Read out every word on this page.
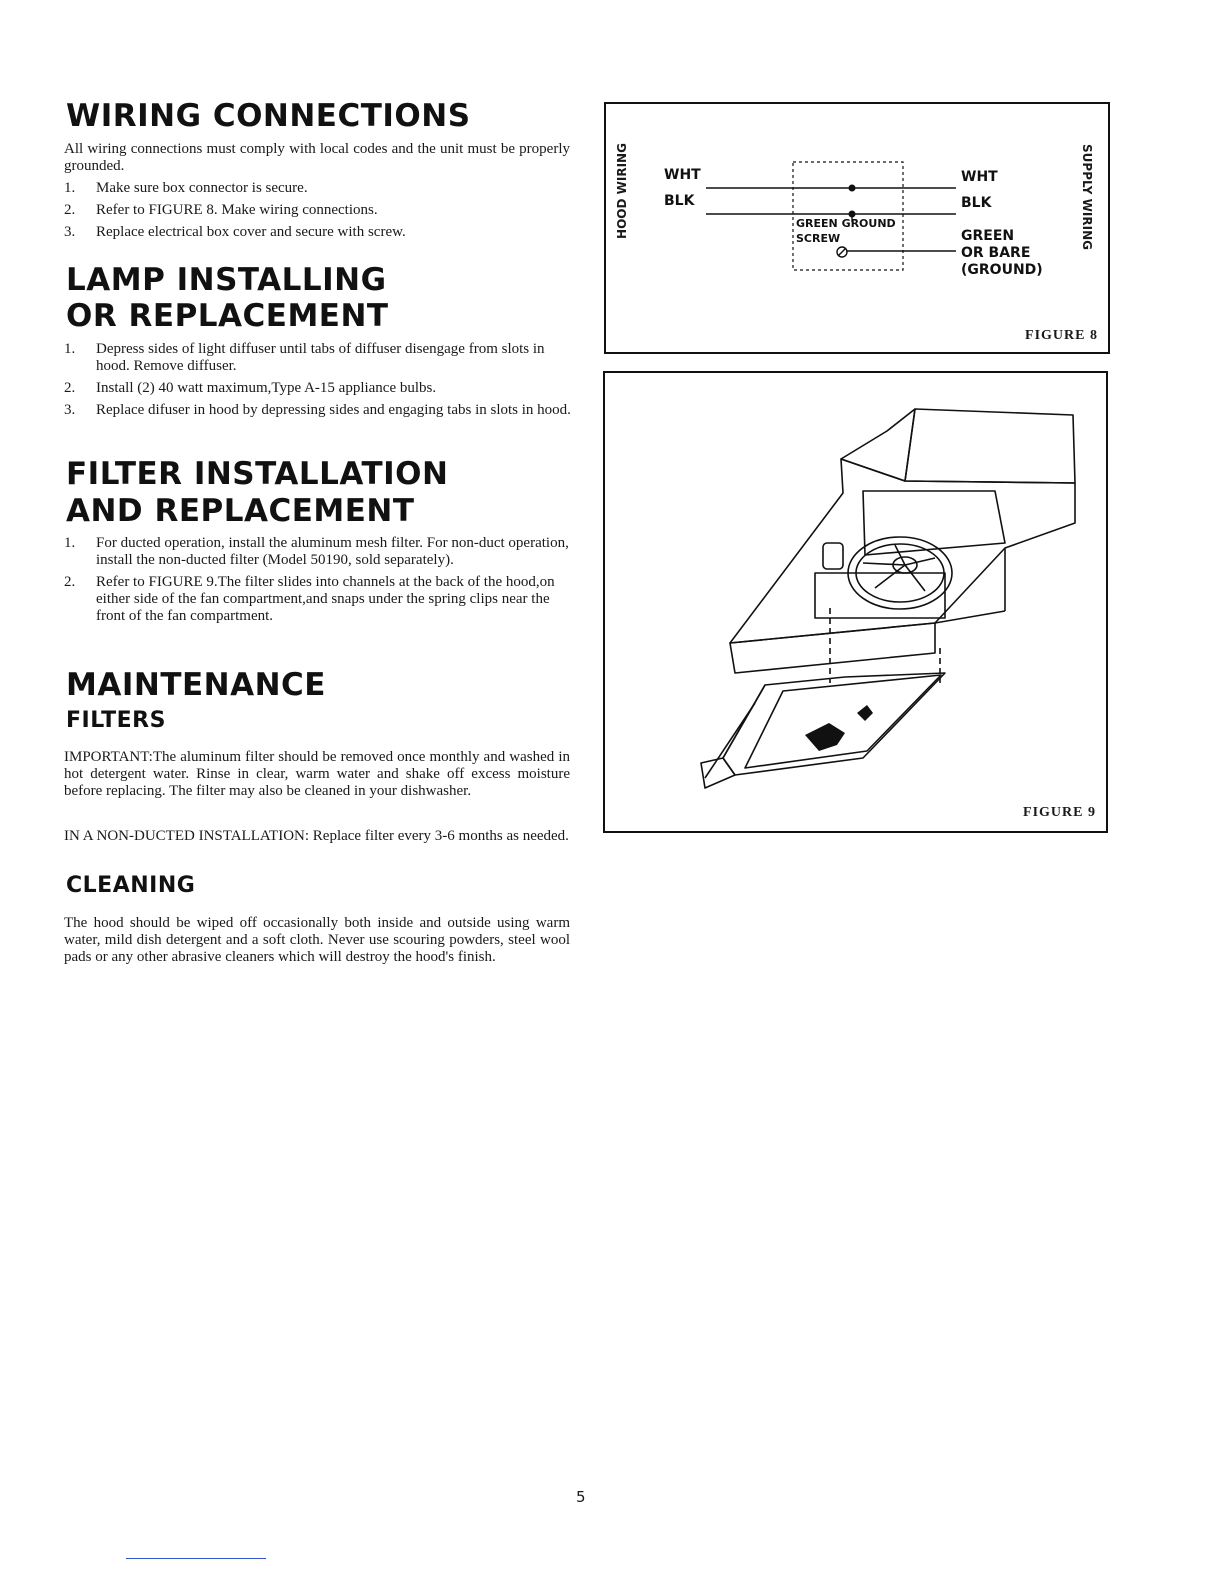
WIRING CONNECTIONS

All wiring connections must comply with local codes and the unit must be properly grounded.

1. Make sure box connector is secure.
2. Refer to FIGURE 8. Make wiring connections.
3. Replace electrical box cover and secure with screw.
LAMP INSTALLING
OR REPLACEMENT
1. Depress sides of light diffuser until tabs of diffuser disengage from slots in hood. Remove diffuser.
2. Install (2) 40 watt maximum,Type A-15 appliance bulbs.
3. Replace difuser in hood by depressing sides and engaging tabs in slots in hood.
FILTER INSTALLATION
AND REPLACEMENT
1. For ducted operation, install the aluminum mesh filter. For non-duct operation, install the non-ducted filter (Model 50190, sold separately).
2. Refer to FIGURE 9.The filter slides into channels at the back of the hood,on either side of the fan compartment,and snaps under the spring clips near the front of the fan compartment.
MAINTENANCE
FILTERS

IMPORTANT:The aluminum filter should be removed once monthly and washed in hot detergent water. Rinse in clear, warm water and shake off excess moisture before replacing. The filter may also be cleaned in your dishwasher.

IN A NON-DUCTED INSTALLATION: Replace filter every 3-6 months as needed.

CLEANING

The hood should be wiped off occasionally both inside and outside using warm water, mild dish detergent and a soft cloth. Never use scouring powders, steel wool pads or any other abrasive cleaners which will destroy the hood's finish.

HOOD WIRING	SUPPLY WIRING
WHT
BLK
WHT
BLK
GREEN
OR BARE
(GROUND)
GREEN GROUND
SCREW
FIGURE 8
FIGURE 9
5
